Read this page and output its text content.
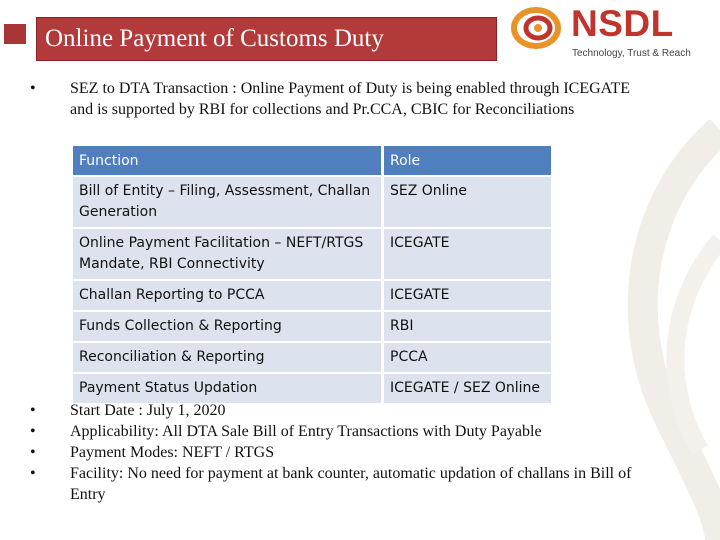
Online Payment of Customs Duty	NSDL
Technology, Trust & Reach
• SEZ to DTA Transaction : Online Payment of Duty is being enabled through ICEGATE and is supported by RBI for collections and Pr.CCA, CBIC for Reconciliations
Function	Role
Bill of Entity – Filing, Assessment, Challan Generation	SEZ Online
Online Payment Facilitation – NEFT/RTGS Mandate, RBI Connectivity	ICEGATE
Challan Reporting to PCCA	ICEGATE
Funds Collection & Reporting	RBI
Reconciliation & Reporting	PCCA
Payment Status Updation	ICEGATE / SEZ Online
• Start Date : July 1, 2020
• Applicability: All DTA Sale Bill of Entry Transactions with Duty Payable
• Payment Modes: NEFT / RTGS
• Facility: No need for payment at bank counter, automatic updation of challans in Bill of Entry
